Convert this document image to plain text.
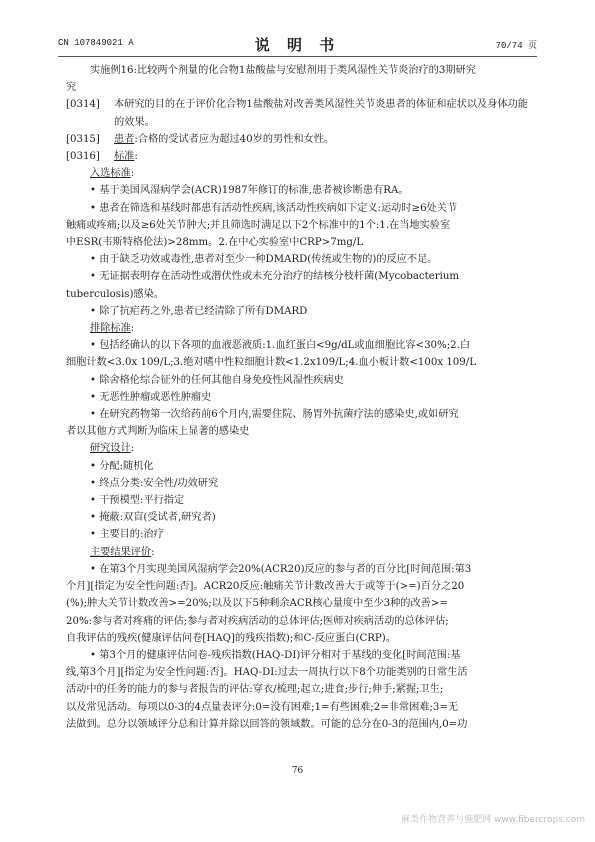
CN 107849021 A	说 明 书	70/74 页
实施例16:比较两个剂量的化合物1盐酸盐与安慰剂用于类风湿性关节炎治疗的3期研究
究
[0314] 本研究的目的在于评价化合物1盐酸盐对改善类风湿性关节炎患者的体征和症状以及身体功能的效果。
[0315] 患者:合格的受试者应为超过40岁的男性和女性。
[0316] 标准:
入选标准:
• 基于美国风湿病学会(ACR)1987年修订的标准,患者被诊断患有RA。
• 患者在筛选和基线时都患有活动性疾病,该活动性疾病如下定义:运动时≥6处关节
触痛或疼痛;以及≥6处关节肿大;并且筛选时满足以下2个标准中的1个:1.在当地实验室
中ESR(韦斯特格伦法)>28mm。2.在中心实验室中CRP>7mg/L
• 由于缺乏功效或毒性,患者对至少一种DMARD(传统或生物的)的反应不足。
• 无证据表明存在活动性或潜伏性或未充分治疗的结核分枝杆菌(Mycobacterium
tuberculosis)感染。
• 除了抗疟药之外,患者已经清除了所有DMARD
排除标准:
• 包括经确认的以下各项的血液恶液质:1.血红蛋白<9g/dL或血细胞比容<30%;2.白
细胞计数<3.0x 109/L;3.绝对嗜中性粒细胞计数<1.2x109/L;4.血小板计数<100x 109/L
• 除舍格伦综合征外的任何其他自身免疫性风湿性疾病史
• 无恶性肿瘤或恶性肿瘤史
• 在研究药物第一次给药前6个月内,需要住院、肠胃外抗菌疗法的感染史,或如研究
者以其他方式判断为临床上显著的感染史
研究设计:
• 分配:随机化
• 终点分类:安全性/功效研究
• 干预模型:平行指定
• 掩蔽:双盲(受试者,研究者)
• 主要目的:治疗
主要结果评价:
• 在第3个月实现美国风湿病学会20%(ACR20)反应的参与者的百分比[时间范围:第3
个月][指定为安全性问题:否]。ACR20反应:触痛关节计数改善大于或等于(>=)百分之20
(%);肿大关节计数改善>=20%;以及以下5种剩余ACR核心量度中至少3种的改善>=
20%:参与者对疼痛的评估;参与者对疾病活动的总体评估;医师对疾病活动的总体评估;
自我评估的残疾(健康评估问卷[HAQ]的残疾指数);和C-反应蛋白(CRP)。
• 第3个月的健康评估问卷-残疾指数(HAQ-DI)评分相对于基线的变化[时间范围:基
线,第3个月][指定为安全性问题:否]。HAQ-DI:过去一周执行以下8个功能类别的日常生活
活动中的任务的能力的参与者报告的评估:穿衣/梳理;起立;进食;步行;伸手;紧握;卫生;
以及常见活动。每项以0-3的4点量表评分:0=没有困难;1=有些困难;2=非常困难;3=无
法做到。总分以领域评分总和计算并除以回答的领域数。可能的总分在0-3的范围内,0=功
76
麻类作物营养与施肥网 www.fibercrops.com
